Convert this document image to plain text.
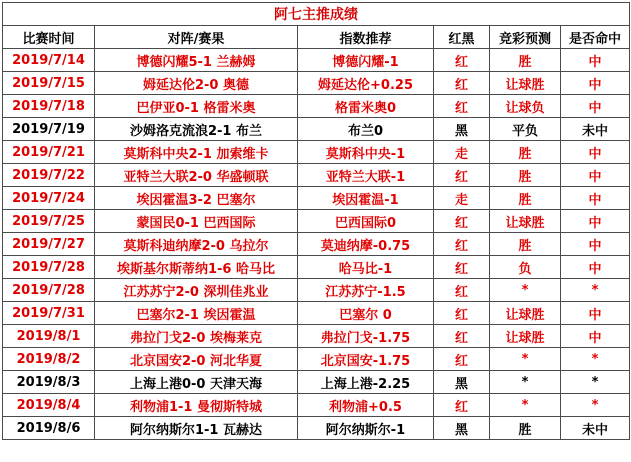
阿七主推成绩					
比赛时间	对阵/赛果	指数推荐	红黑	竞彩预测	是否命中
2019/7/14	博德闪耀5-1 兰赫姆	博德闪耀-1	红	胜	中
2019/7/15	姆延达伦2-0 奥德	姆延达伦+0.25	红	让球胜	中
2019/7/18	巴伊亚0-1 格雷米奥	格雷米奥0	红	让球负	中
2019/7/19	沙姆洛克流浪2-1 布兰	布兰0	黑	平负	未中
2019/7/21	莫斯科中央2-1 加索维卡	莫斯科中央-1	走	胜	中
2019/7/22	亚特兰大联2-0 华盛顿联	亚特兰大联-1	红	胜	中
2019/7/24	埃因霍温3-2 巴塞尔	埃因霍温-1	走	胜	中
2019/7/25	蒙国民0-1 巴西国际	巴西国际0	红	让球胜	中
2019/7/27	莫斯科迪纳摩2-0 乌拉尔	莫迪纳摩-0.75	红	胜	中
2019/7/28	埃斯基尔斯蒂纳1-6 哈马比	哈马比-1	红	负	中
2019/7/28	江苏苏宁2-0 深圳佳兆业	江苏苏宁-1.5	红	*	*
2019/7/31	巴塞尔2-1 埃因霍温	巴塞尔 0	红	让球胜	中
2019/8/1	弗拉门戈2-0 埃梅莱克	弗拉门戈-1.75	红	让球胜	中
2019/8/2	北京国安2-0 河北华夏	北京国安-1.75	红	*	*
2019/8/3	上海上港0-0 天津天海	上海上港-2.25	黑	*	*
2019/8/4	利物浦1-1 曼彻斯特城	利物浦+0.5	红	*	*
2019/8/6	阿尔纳斯尔1-1 瓦赫达	阿尔纳斯尔-1	黑	胜	未中
